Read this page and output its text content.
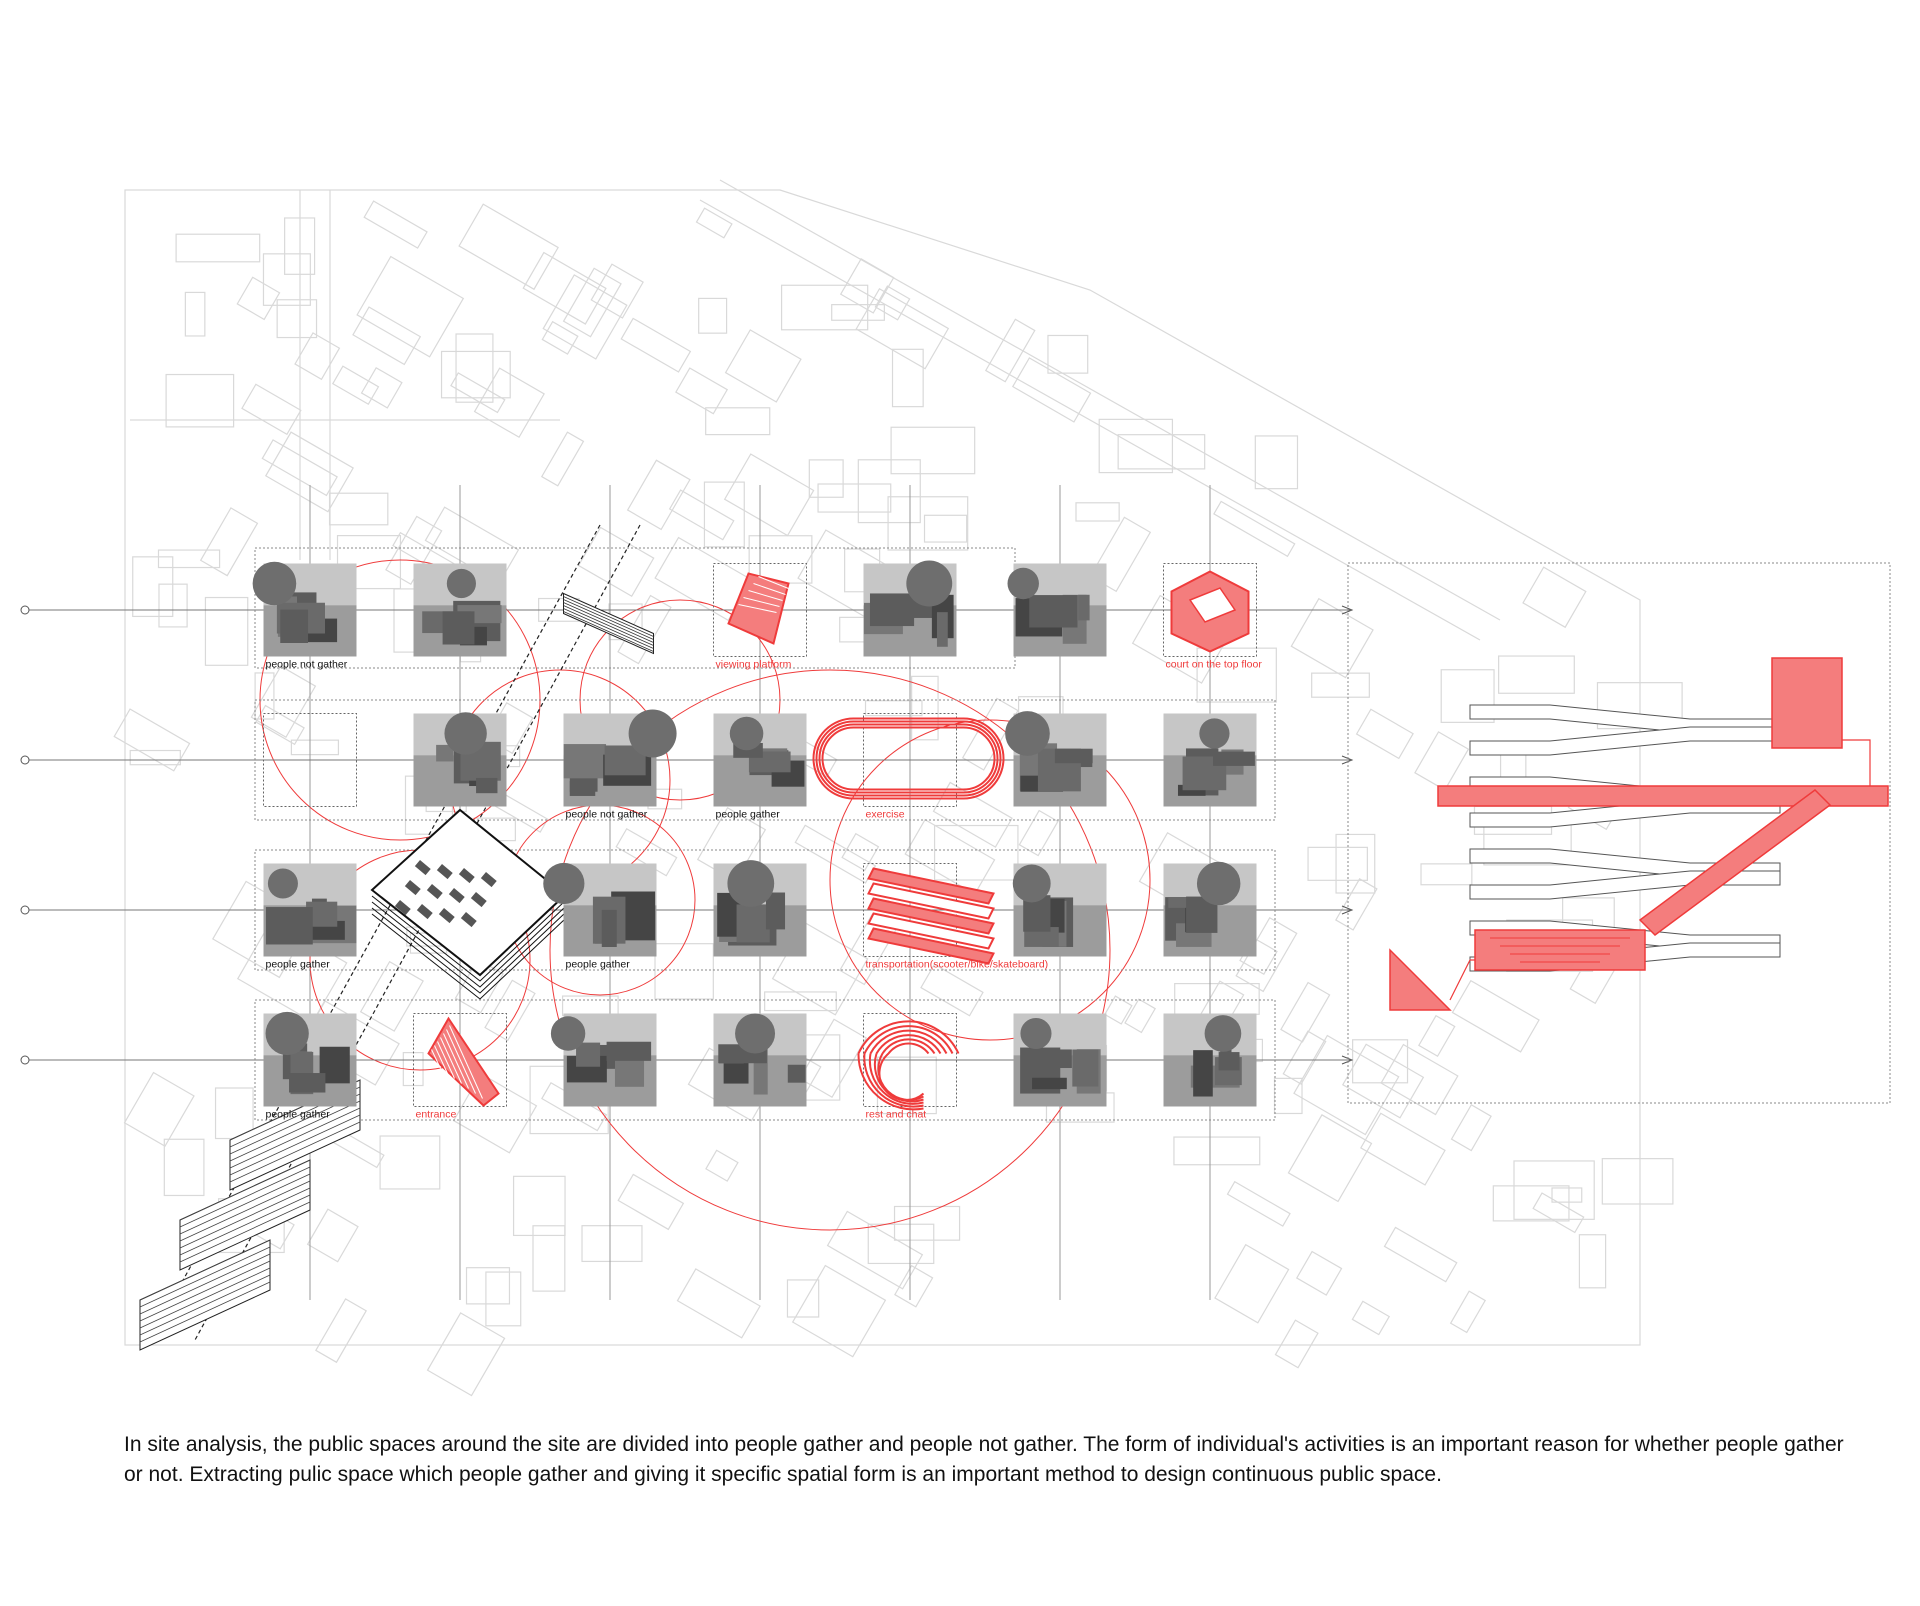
people not gather	viewing platform	court on the top floor
people not gather	people gather	exercise
people gather	people gather	transportation(scooter/bike/skateboard)
people gather	entrance	rest and chat

In site analysis, the public spaces around the site are divided into people gather and people not gather. The form of individual's activities is an important reason for whether people gather or not. Extracting pulic space which people gather and giving it specific spatial form is an important method to design continuous public space.
